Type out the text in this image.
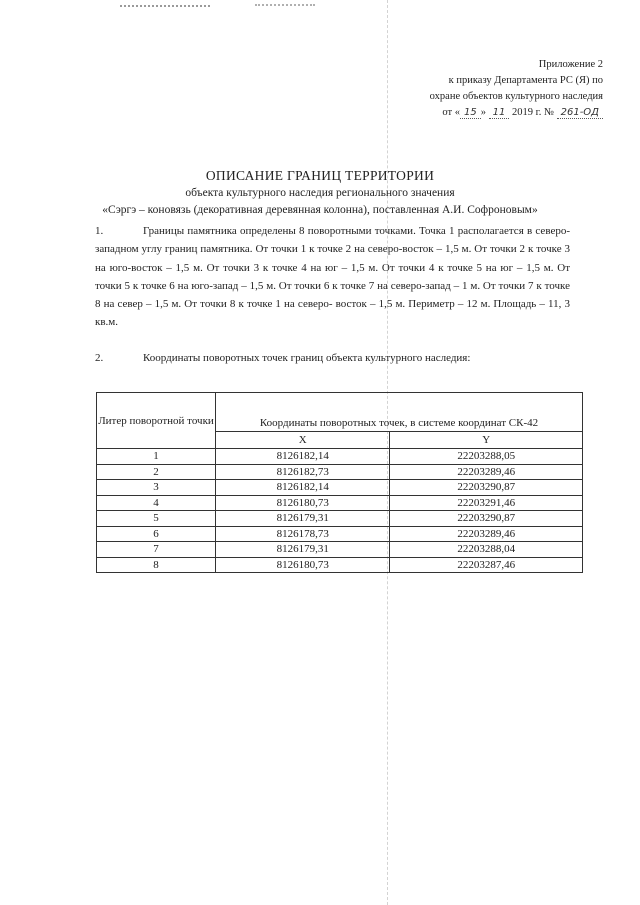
Приложение 2
к приказу Департамента РС (Я) по
охране объектов культурного наследия
от « 15 » 11 2019 г. № 261-ОД
ОПИСАНИЕ ГРАНИЦ ТЕРРИТОРИИ
объекта культурного наследия регионального значения
«Сэргэ – коновязь (декоративная деревянная колонна), поставленная А.И. Софроновым»
1.	Границы памятника определены 8 поворотными точками. Точка 1 располагается в северо-западном углу границ памятника. От точки 1 к точке 2 на северо-восток – 1,5 м. От точки 2 к точке 3 на юго-восток – 1,5 м. От точки 3 к точке 4 на юг – 1,5 м. От точки 4 к точке 5 на юг – 1,5 м. От точки 5 к точке 6 на юго-запад – 1,5 м. От точки 6 к точке 7 на северо-запад – 1 м. От точки 7 к точке 8 на север – 1,5 м. От точки 8 к точке 1 на северо- восток – 1,5 м. Периметр – 12 м. Площадь – 11, 3 кв.м.
2.	Координаты поворотных точек границ объекта культурного наследия:
Литер поворотной точки	Координаты поворотных точек, в системе координат СК-42	
	X	Y
1	8126182,14	22203288,05
2	8126182,73	22203289,46
3	8126182,14	22203290,87
4	8126180,73	22203291,46
5	8126179,31	22203290,87
6	8126178,73	22203289,46
7	8126179,31	22203288,04
8	8126180,73	22203287,46
